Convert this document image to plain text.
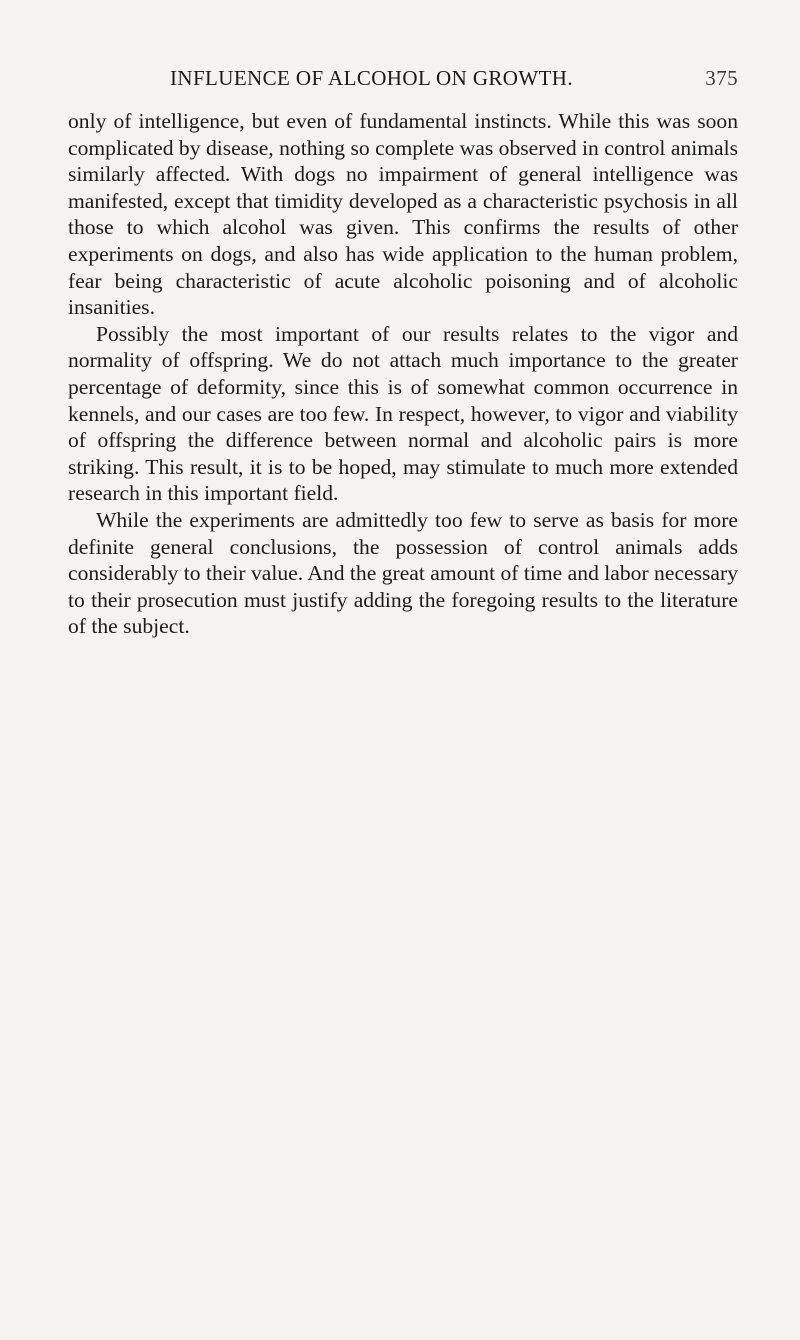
INFLUENCE OF ALCOHOL ON GROWTH.	375

only of intelligence, but even of fundamental instincts. While this was soon complicated by disease, nothing so complete was observed in control animals similarly affected. With dogs no impairment of general intelligence was manifested, except that timidity developed as a characteristic psychosis in all those to which alcohol was given. This confirms the results of other experiments on dogs, and also has wide application to the human problem, fear being characteristic of acute alcoholic poisoning and of alcoholic insanities.

Possibly the most important of our results relates to the vigor and normality of offspring. We do not attach much importance to the greater percentage of deformity, since this is of somewhat common occurrence in kennels, and our cases are too few. In respect, however, to vigor and viability of offspring the difference between normal and alcoholic pairs is more striking. This result, it is to be hoped, may stimulate to much more extended research in this important field.

While the experiments are admittedly too few to serve as basis for more definite general conclusions, the possession of control animals adds considerably to their value. And the great amount of time and labor necessary to their prosecution must justify adding the foregoing results to the literature of the subject.
